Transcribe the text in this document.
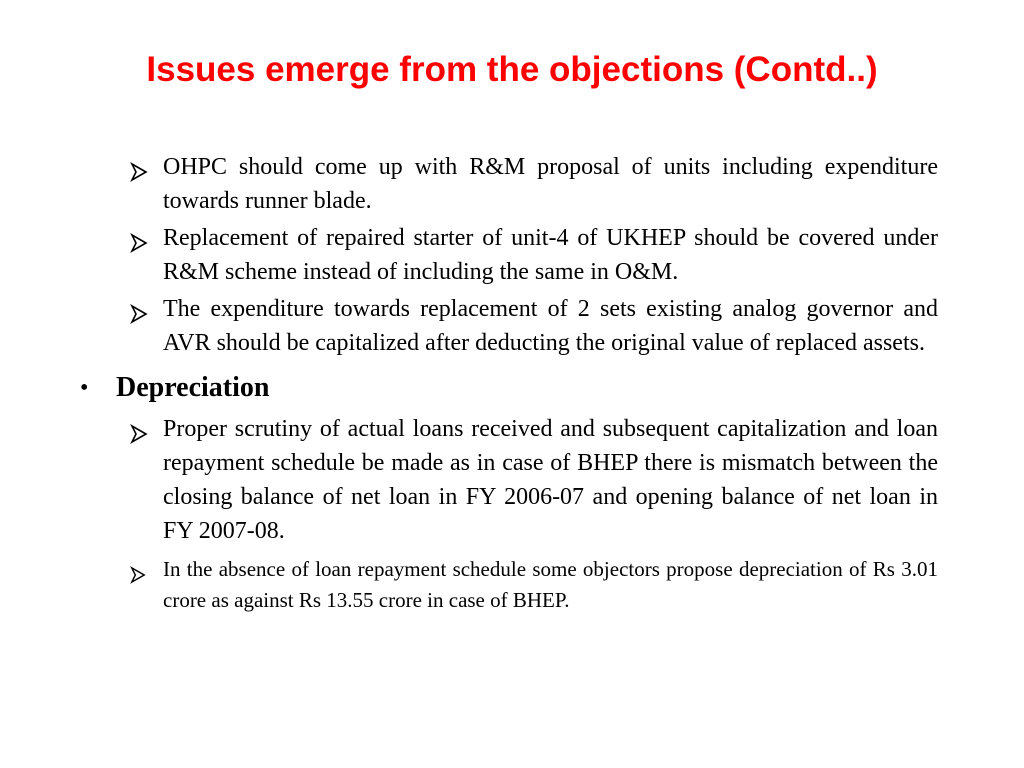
Issues emerge from the objections (Contd..)
OHPC should come up with R&M proposal of units including expenditure towards runner blade.
Replacement of repaired starter of unit-4 of UKHEP should be covered under R&M scheme instead of including the same in O&M.
The expenditure towards replacement of 2 sets existing analog governor and AVR should be capitalized after deducting the original value of replaced assets.
• Depreciation
Proper scrutiny of actual loans received and subsequent capitalization and loan repayment schedule be made as in case of BHEP there is mismatch between the closing balance of net loan in FY 2006-07 and opening balance of net loan in FY 2007-08.
In the absence of loan repayment schedule some objectors propose depreciation of Rs 3.01 crore as against Rs 13.55 crore in case of BHEP.
